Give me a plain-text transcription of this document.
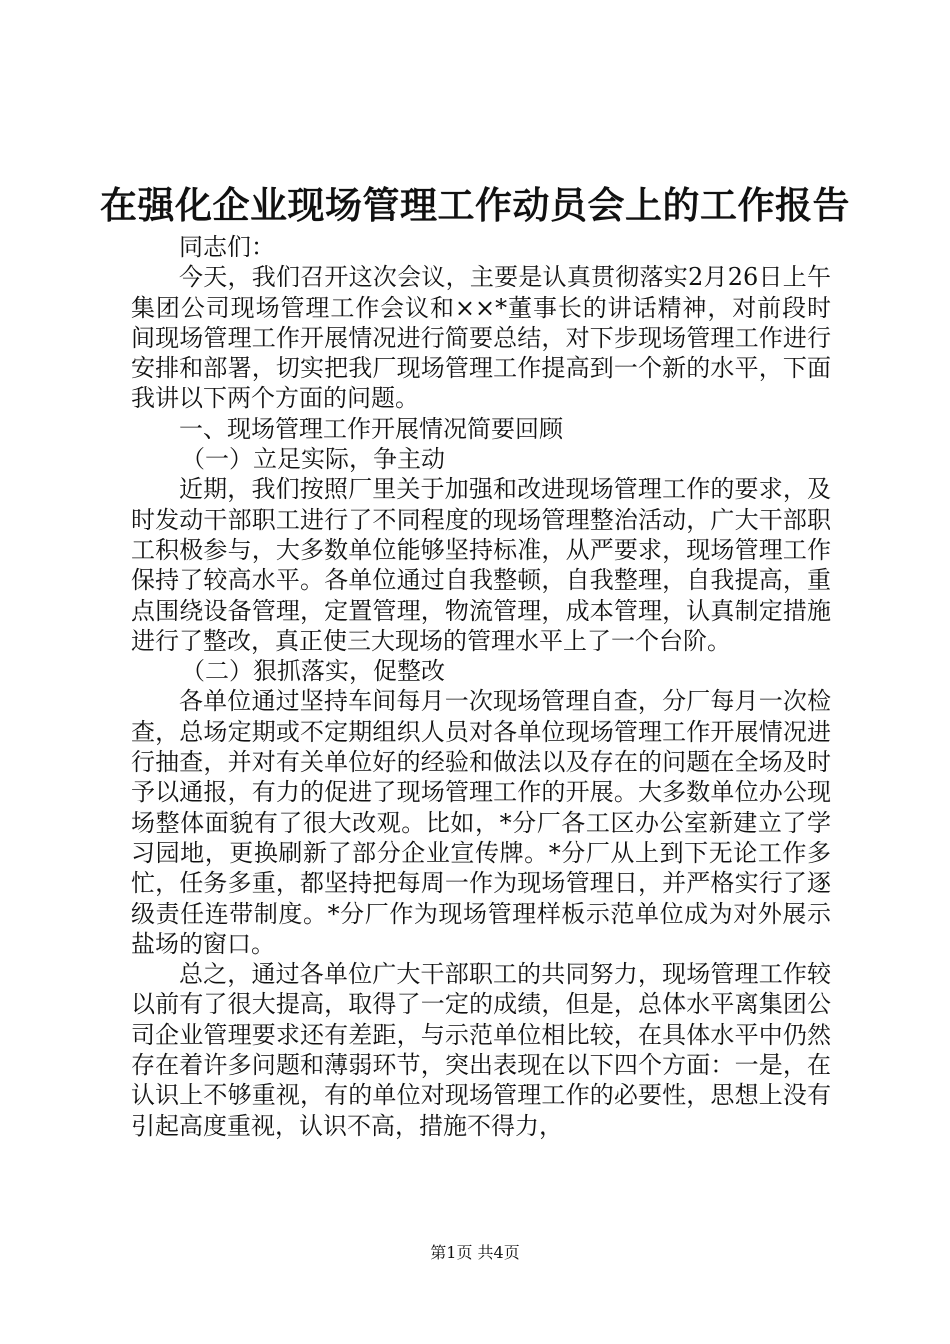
在强化企业现场管理工作动员会上的工作报告

同志们：

今天，我们召开这次会议，主要是认真贯彻落实2月26日上午集团公司现场管理工作会议和××*董事长的讲话精神，对前段时间现场管理工作开展情况进行简要总结，对下步现场管理工作进行安排和部署，切实把我厂现场管理工作提高到一个新的水平，下面我讲以下两个方面的问题。

一、现场管理工作开展情况简要回顾

（一）立足实际，争主动

近期，我们按照厂里关于加强和改进现场管理工作的要求，及时发动干部职工进行了不同程度的现场管理整治活动，广大干部职工积极参与，大多数单位能够坚持标准，从严要求，现场管理工作保持了较高水平。各单位通过自我整顿，自我整理，自我提高，重点围绕设备管理，定置管理，物流管理，成本管理，认真制定措施进行了整改，真正使三大现场的管理水平上了一个台阶。

（二）狠抓落实，促整改

各单位通过坚持车间每月一次现场管理自查，分厂每月一次检查，总场定期或不定期组织人员对各单位现场管理工作开展情况进行抽查，并对有关单位好的经验和做法以及存在的问题在全场及时予以通报，有力的促进了现场管理工作的开展。大多数单位办公现场整体面貌有了很大改观。比如，*分厂各工区办公室新建立了学习园地，更换刷新了部分企业宣传牌。*分厂从上到下无论工作多忙，任务多重，都坚持把每周一作为现场管理日，并严格实行了逐级责任连带制度。*分厂作为现场管理样板示范单位成为对外展示盐场的窗口。

总之，通过各单位广大干部职工的共同努力，现场管理工作较以前有了很大提高，取得了一定的成绩，但是，总体水平离集团公司企业管理要求还有差距，与示范单位相比较，在具体水平中仍然存在着许多问题和薄弱环节，突出表现在以下四个方面：一是，在认识上不够重视，有的单位对现场管理工作的必要性，思想上没有引起高度重视，认识不高，措施不得力，

第1页 共4页
